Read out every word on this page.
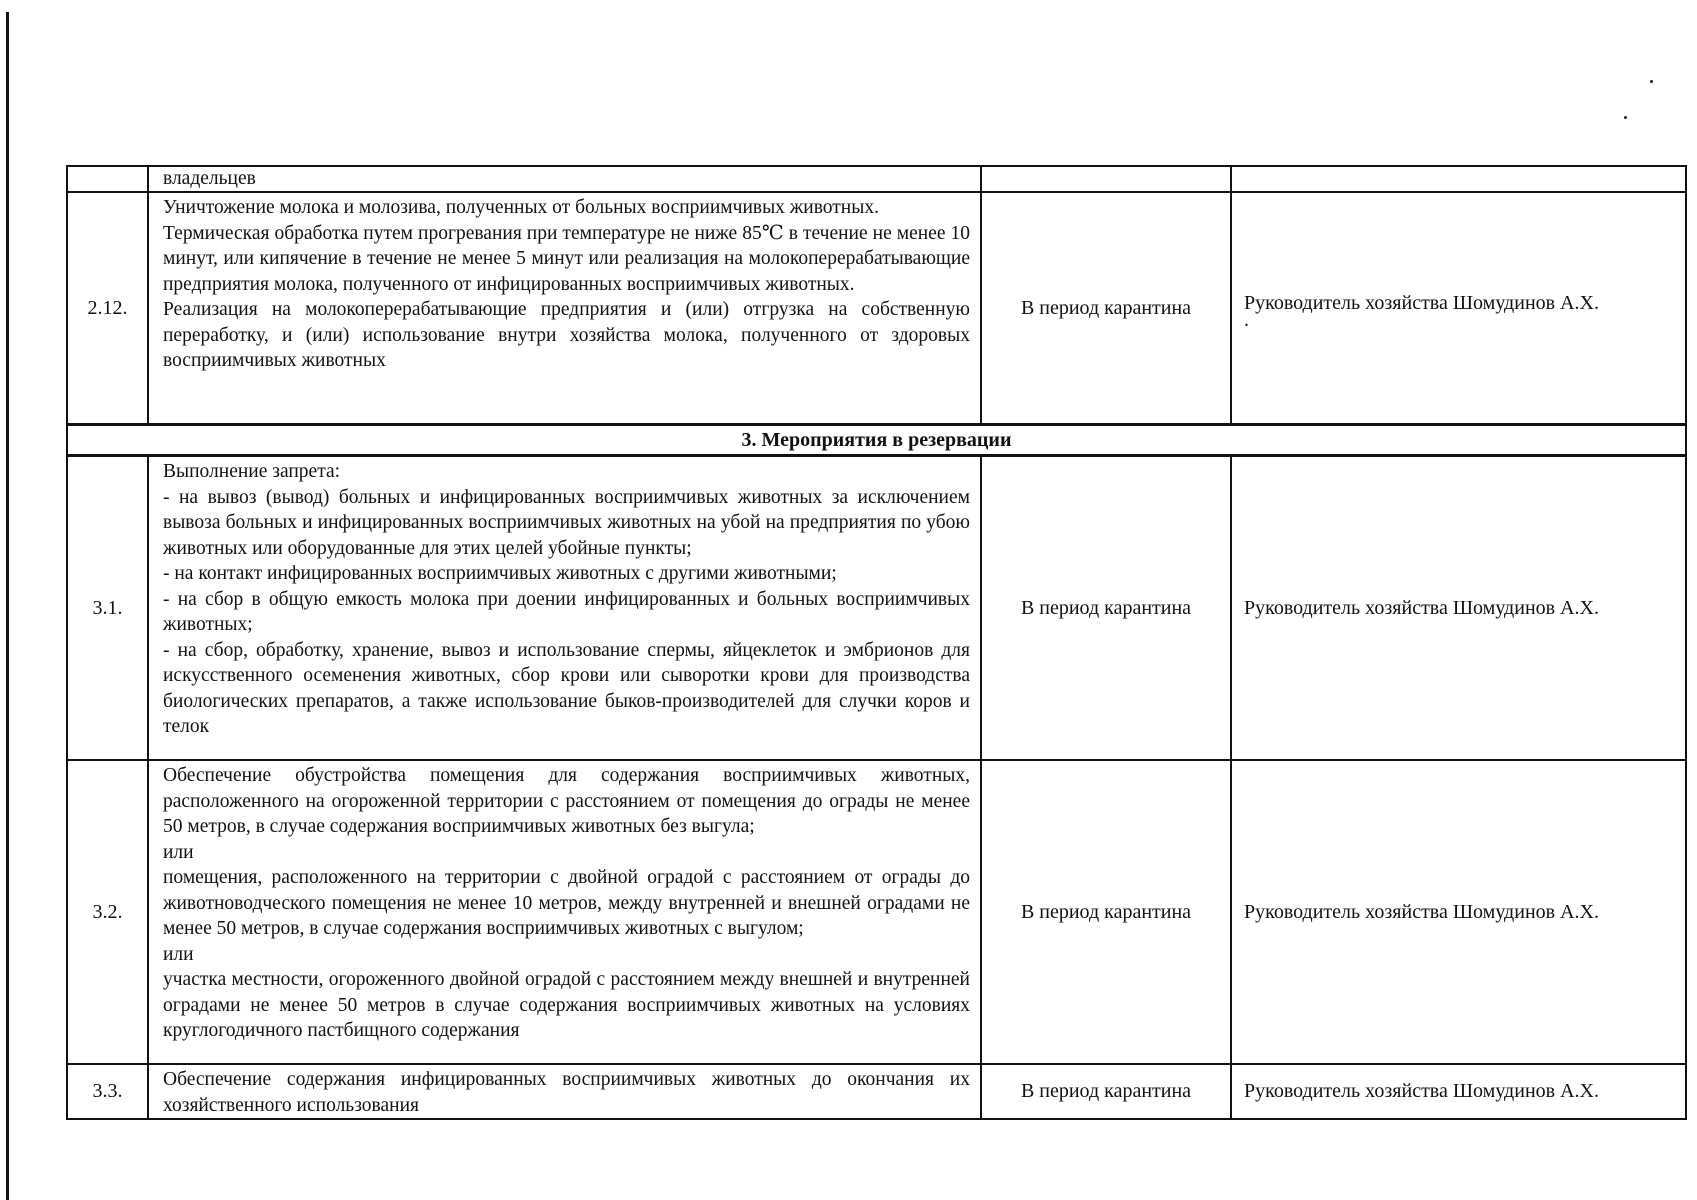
	владельцев		

2.12.	Уничтожение молока и молозива, полученных от больных восприимчивых животных.
Термическая обработка путем прогревания при температуре не ниже 85℃ в течение не менее 10 минут, или кипячение в течение не менее 5 минут или реализация на молокоперерабатывающие предприятия молока, полученного от инфицированных восприимчивых животных.
Реализация на молокоперерабатывающие предприятия и (или) отгрузка на собственную переработку, и (или) использование внутри хозяйства молока, полученного от здоровых восприимчивых животных	В период карантина	Руководитель хозяйства Шомудинов А.Х.
.

3. Мероприятия в резервации			
3.1.	Выполнение запрета:
- на вывоз (вывод) больных и инфицированных восприимчивых животных за исключением вывоза больных и инфицированных восприимчивых животных на убой на предприятия по убою животных или оборудованные для этих целей убойные пункты;
- на контакт инфицированных восприимчивых животных с другими животными;
- на сбор в общую емкость молока при доении инфицированных и больных восприимчивых животных;
- на сбор, обработку, хранение, вывоз и использование спермы, яйцеклеток и эмбрионов для искусственного осеменения животных, сбор крови или сыворотки крови для производства биологических препаратов, а также использование быков-производителей для случки коров и телок	В период карантина	Руководитель хозяйства Шомудинов А.Х.
3.2.	Обеспечение обустройства помещения для содержания восприимчивых животных, расположенного на огороженной территории с расстоянием от помещения до ограды не менее 50 метров, в случае содержания восприимчивых животных без выгула;
или
помещения, расположенного на территории с двойной оградой с расстоянием от ограды до животноводческого помещения не менее 10 метров, между внутренней и внешней оградами не менее 50 метров, в случае содержания восприимчивых животных с выгулом;
или
участка местности, огороженного двойной оградой с расстоянием между внешней и внутренней оградами не менее 50 метров в случае содержания восприимчивых животных на условиях круглогодичного пастбищного содержания	В период карантина	Руководитель хозяйства Шомудинов А.Х.
3.3.	Обеспечение содержания инфицированных восприимчивых животных до окончания их хозяйственного использования	В период карантина	Руководитель хозяйства Шомудинов А.Х.
